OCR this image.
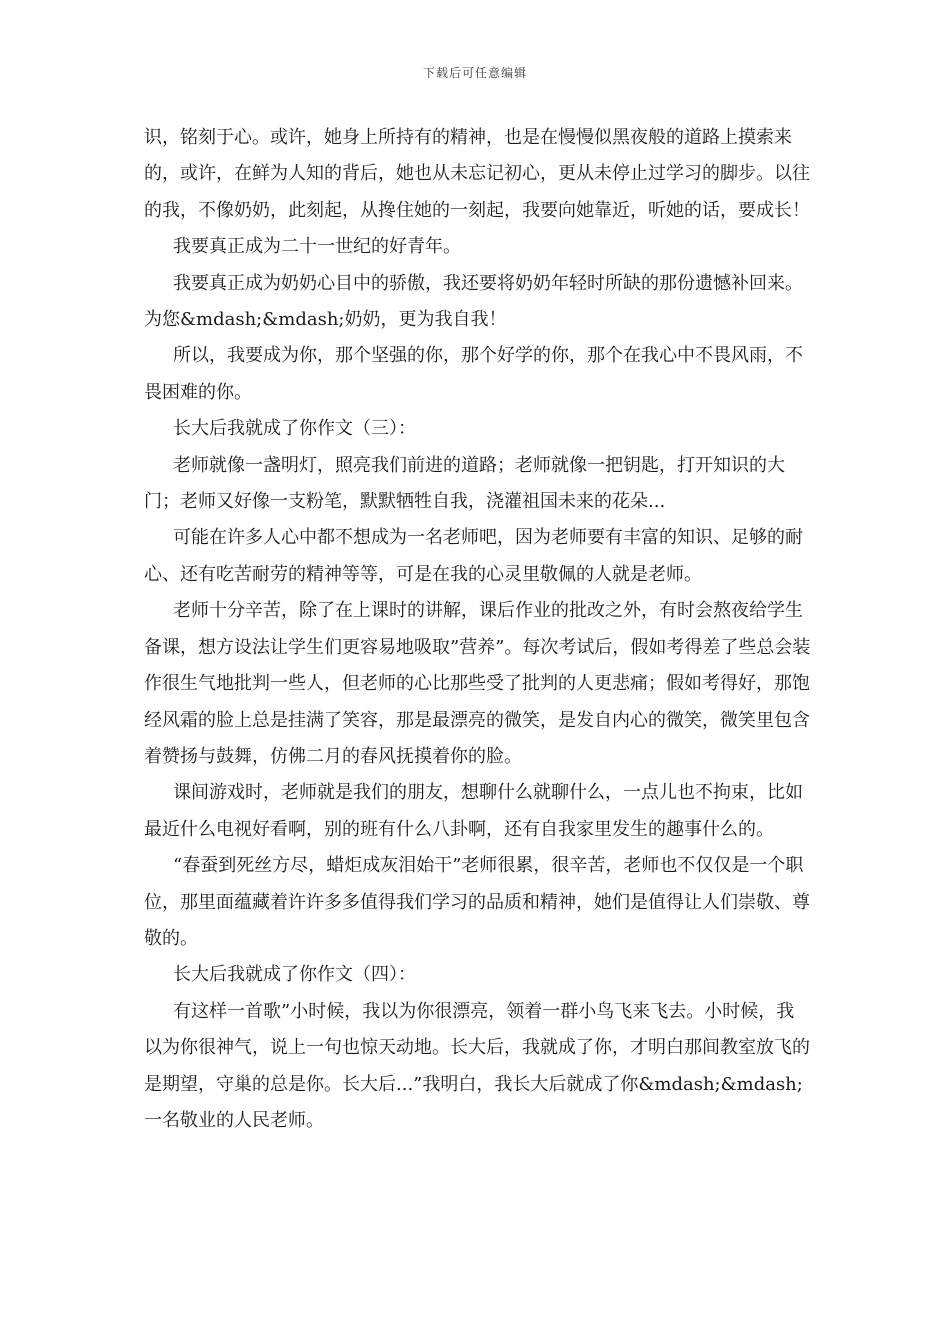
下载后可任意编辑

识，铭刻于心。或许，她身上所持有的精神，也是在慢慢似黑夜般的道路上摸索来的，或许，在鲜为人知的背后，她也从未忘记初心，更从未停止过学习的脚步。以往的我，不像奶奶，此刻起，从搀住她的一刻起，我要向她靠近，听她的话，要成长！

我要真正成为二十一世纪的好青年。

我要真正成为奶奶心目中的骄傲，我还要将奶奶年轻时所缺的那份遗憾补回来。为您&mdash;&mdash;奶奶，更为我自我！

所以，我要成为你，那个坚强的你，那个好学的你，那个在我心中不畏风雨，不畏困难的你。

长大后我就成了你作文（三）：

老师就像一盏明灯，照亮我们前进的道路；老师就像一把钥匙，打开知识的大门；老师又好像一支粉笔，默默牺牲自我，浇灌祖国未来的花朵...

可能在许多人心中都不想成为一名老师吧，因为老师要有丰富的知识、足够的耐心、还有吃苦耐劳的精神等等，可是在我的心灵里敬佩的人就是老师。

老师十分辛苦，除了在上课时的讲解，课后作业的批改之外，有时会熬夜给学生备课，想方设法让学生们更容易地吸取”营养”。每次考试后，假如考得差了些总会装作很生气地批判一些人，但老师的心比那些受了批判的人更悲痛；假如考得好，那饱经风霜的脸上总是挂满了笑容，那是最漂亮的微笑，是发自内心的微笑，微笑里包含着赞扬与鼓舞，仿佛二月的春风抚摸着你的脸。

课间游戏时，老师就是我们的朋友，想聊什么就聊什么，一点儿也不拘束，比如最近什么电视好看啊，别的班有什么八卦啊，还有自我家里发生的趣事什么的。

“春蚕到死丝方尽，蜡炬成灰泪始干”老师很累，很辛苦，老师也不仅仅是一个职位，那里面蕴藏着许许多多值得我们学习的品质和精神，她们是值得让人们崇敬、尊敬的。

长大后我就成了你作文（四）：

有这样一首歌”小时候，我以为你很漂亮，领着一群小鸟飞来飞去。小时候，我以为你很神气，说上一句也惊天动地。长大后，我就成了你，才明白那间教室放飞的是期望，守巢的总是你。长大后...”我明白，我长大后就成了你&mdash;&mdash;一名敬业的人民老师。
